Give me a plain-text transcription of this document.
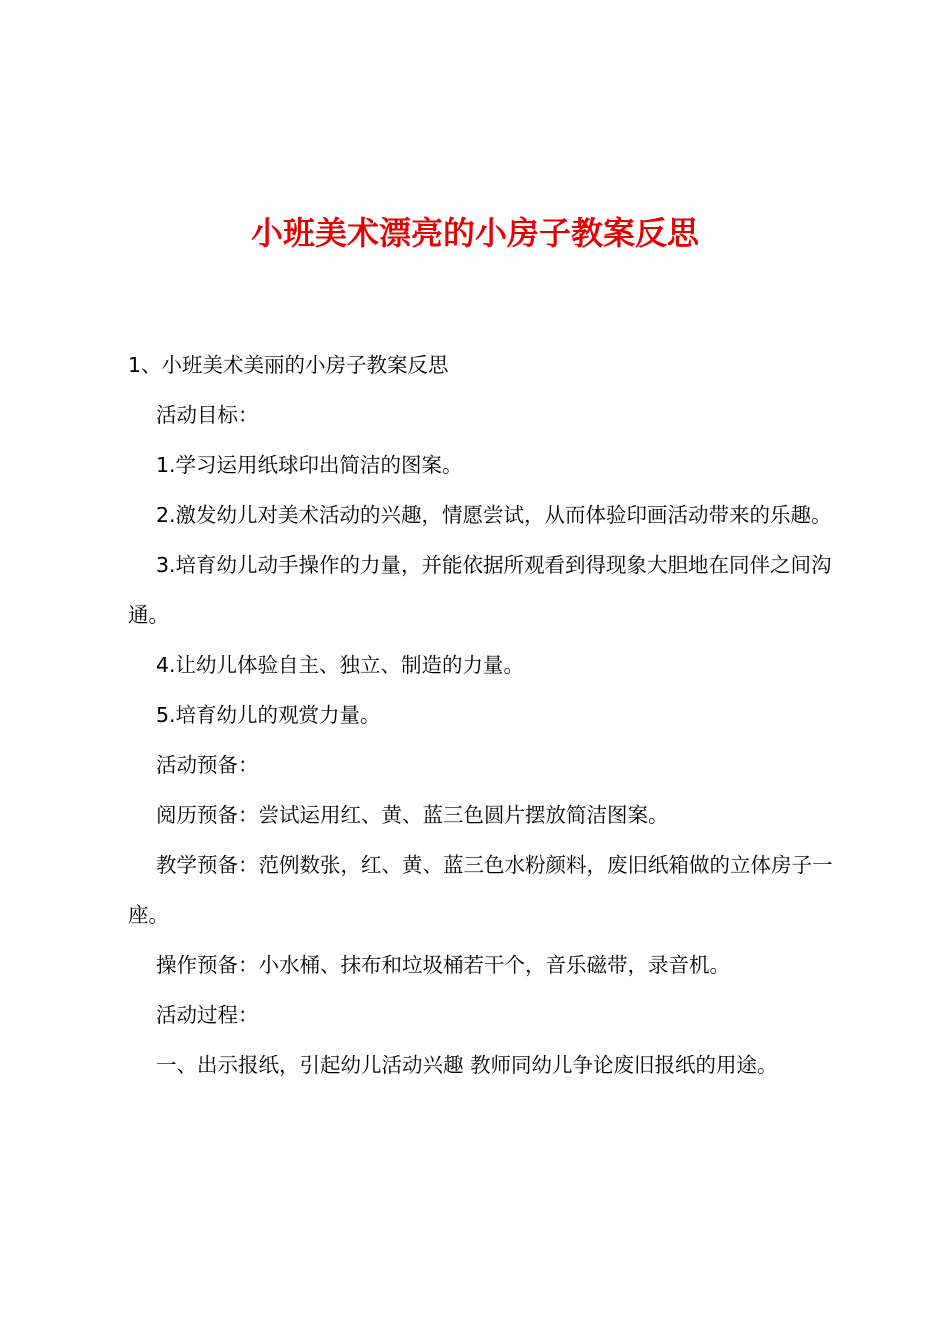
小班美术漂亮的小房子教案反思

1、小班美术美丽的小房子教案反思

活动目标：

1.学习运用纸球印出简洁的图案。

2.激发幼儿对美术活动的兴趣，情愿尝试，从而体验印画活动带来的乐趣。

3.培育幼儿动手操作的力量，并能依据所观看到得现象大胆地在同伴之间沟通。

4.让幼儿体验自主、独立、制造的力量。

5.培育幼儿的观赏力量。

活动预备：

阅历预备：尝试运用红、黄、蓝三色圆片摆放简洁图案。

教学预备：范例数张，红、黄、蓝三色水粉颜料，废旧纸箱做的立体房子一座。

操作预备：小水桶、抹布和垃圾桶若干个，音乐磁带，录音机。

活动过程：

一、出示报纸，引起幼儿活动兴趣 教师同幼儿争论废旧报纸的用途。
